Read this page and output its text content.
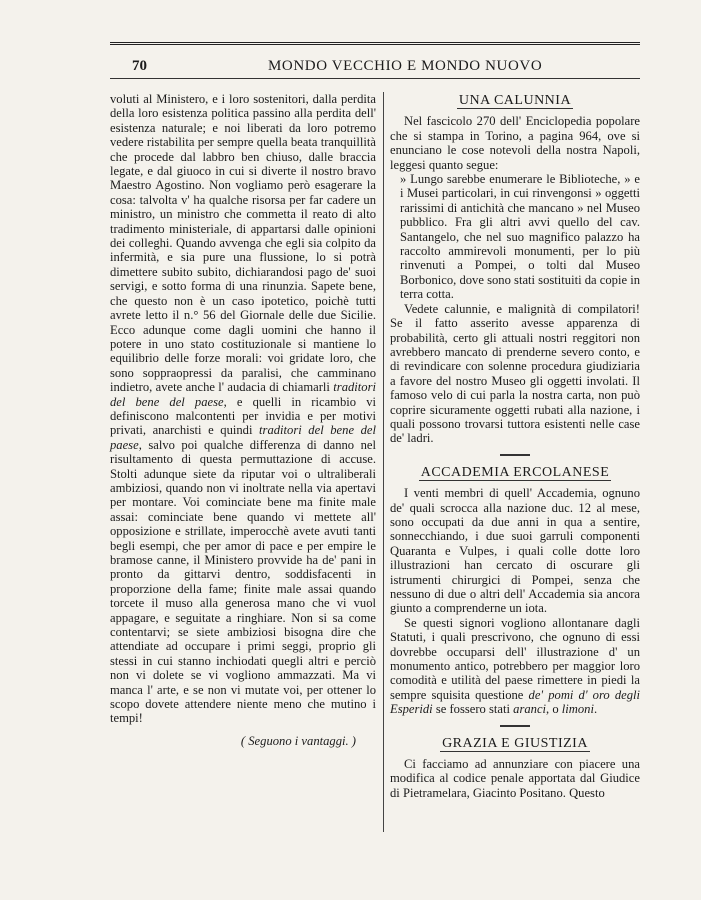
70	MONDO VECCHIO E MONDO NUOVO

voluti al Ministero, e i loro sostenitori, dalla perdita della loro esistenza politica passino alla perdita dell' esistenza naturale; e noi liberati da loro potremo vedere ristabilita per sempre quella beata tranquillità che procede dal labbro ben chiuso, dalle braccia legate, e dal giuoco in cui si diverte il nostro bravo Maestro Agostino. Non vogliamo però esagerare la cosa: talvolta v' ha qualche risorsa per far cadere un ministro, un ministro che commetta il reato di alto tradimento ministeriale, di appartarsi dalle opinioni dei colleghi. Quando avvenga che egli sia colpito da infermità, e sia pure una flussione, lo si potrà dimettere subito subito, dichiarandosi pago de' suoi servigi, e sotto forma di una rinunzia. Sapete bene, che questo non è un caso ipotetico, poichè tutti avrete letto il n.° 56 del Giornale delle due Sicilie. Ecco adunque come dagli uomini che hanno il potere in uno stato costituzionale si mantiene lo equilibrio delle forze morali: voi gridate loro, che sono soppraopressi da paralisi, che camminano indietro, avete anche l' audacia di chiamarli traditori del bene del paese, e quelli in ricambio vi definiscono malcontenti per invidia e per motivi privati, anarchisti e quindi traditori del bene del paese, salvo poi qualche differenza di danno nel risultamento di questa permuttazione di accuse. Stolti adunque siete da riputar voi o ultraliberali ambiziosi, quando non vi inoltrate nella via apertavi per montare. Voi cominciate bene ma finite male assai: cominciate bene quando vi mettete all' opposizione e strillate, imperocchè avete avuti tanti begli esempi, che per amor di pace e per empire le bramose canne, il Ministero provvide ha de' pani in pronto da gittarvi dentro, soddisfacenti in proporzione della fame; finite male assai quando torcete il muso alla generosa mano che vi vuol appagare, e seguitate a ringhiare. Non si sa come contentarvi; se siete ambiziosi bisogna dire che attendiate ad occupare i primi seggi, proprio gli stessi in cui stanno inchiodati quegli altri e perciò non vi dolete se vi vogliono ammazzati. Ma vi manca l' arte, e se non vi mutate voi, per ottener lo scopo dovete attendere niente meno che mutino i tempi!

( Seguono i vantaggi. )
UNA CALUNNIA

Nel fascicolo 270 dell' Enciclopedia popolare che si stampa in Torino, a pagina 964, ove si enunciano le cose notevoli della nostra Napoli, leggesi quanto segue:

» Lungo sarebbe enumerare le Biblioteche, » e i Musei particolari, in cui rinvengonsi » oggetti rarissimi di antichità che mancano » nel Museo pubblico. Fra gli altri avvi quello del cav. Santangelo, che nel suo magnifico palazzo ha raccolto ammirevoli monumenti, per lo più rinvenuti a Pompei, o tolti dal Museo Borbonico, dove sono stati sostituiti da copie in terra cotta.

Vedete calunnie, e malignità di compilatori! Se il fatto asserito avesse apparenza di probabilità, certo gli attuali nostri reggitori non avrebbero mancato di prenderne severo conto, e di revindicare con solenne procedura giudiziaria a favore del nostro Museo gli oggetti involati. Il famoso velo di cui parla la nostra carta, non può coprire sicuramente oggetti rubati alla nazione, i quali possono trovarsi tuttora esistenti nelle case de' ladri.

ACCADEMIA ERCOLANESE

I venti membri di quell' Accademia, ognuno de' quali scrocca alla nazione duc. 12 al mese, sono occupati da due anni in qua a sentire, sonnecchiando, i due suoi garruli componenti Quaranta e Vulpes, i quali colle dotte loro illustrazioni han cercato di oscurare gli istrumenti chirurgici di Pompei, senza che nessuno di due o altri dell' Accademia sia ancora giunto a comprenderne un iota.

Se questi signori vogliono allontanare dagli Statuti, i quali prescrivono, che ognuno di essi dovrebbe occuparsi dell' illustrazione d' un monumento antico, potrebbero per maggior loro comodità e utilità del paese rimettere in piedi la sempre squisita questione de' pomi d' oro degli Esperidi se fossero stati aranci, o limoni.

GRAZIA E GIUSTIZIA

Ci facciamo ad annunziare con piacere una modifica al codice penale apportata dal Giudice di Pietramelara, Giacinto Positano. Questo
